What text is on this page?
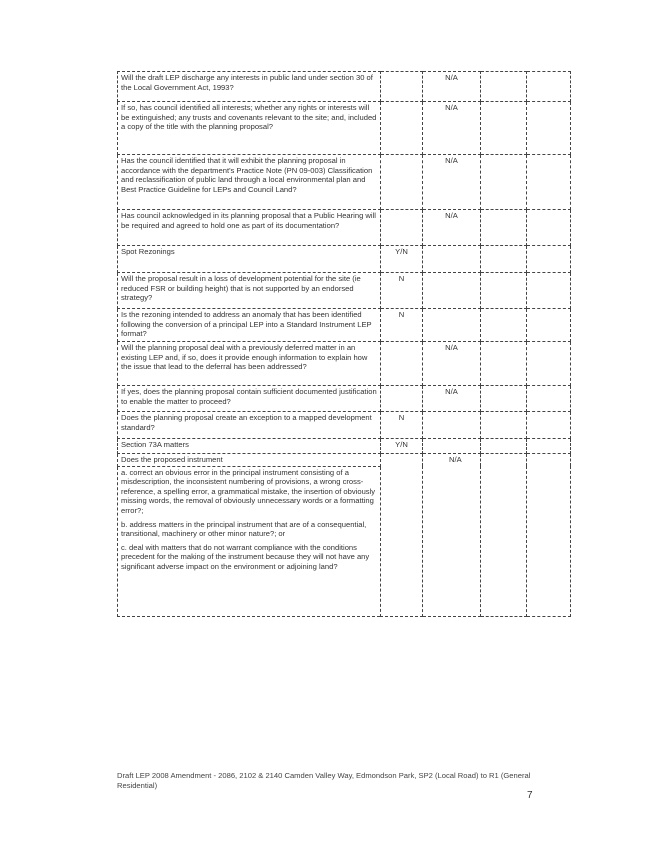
Will the draft LEP discharge any interests in public land under section 30 of the Local Government Act, 1993?		N/A		
If so, has council identified all interests; whether any rights or interests will be extinguished; any trusts and covenants relevant to the site; and, included a copy of the title with the planning proposal?		N/A		
Has the council identified that it will exhibit the planning proposal in accordance with the department's Practice Note (PN 09-003) Classification and reclassification of public land through a local environmental plan and Best Practice Guideline for LEPs and Council Land?		N/A		
Has council acknowledged in its planning proposal that a Public Hearing will be required and agreed to hold one as part of its documentation?		N/A		
Spot Rezonings	Y/N			
Will the proposal result in a loss of development potential for the site (ie reduced FSR or building height) that is not supported by an endorsed strategy?	N			
Is the rezoning intended to address an anomaly that has been identified following the conversion of a principal LEP into a Standard Instrument LEP format?	N			
Will the planning proposal deal with a previously deferred matter in an existing LEP and, if so, does it provide enough information to explain how the issue that lead to the deferral has been addressed?		N/A		
If yes, does the planning proposal contain sufficient documented justification to enable the matter to proceed?		N/A		
Does the planning proposal create an exception to a mapped development standard?	N			
Section 73A matters	Y/N			
Does the proposed instrument		N/A		

a. correct an obvious error in the principal instrument consisting of a misdescription, the inconsistent numbering of provisions, a wrong cross-reference, a spelling error, a grammatical mistake, the insertion of obviously missing words, the removal of obviously unnecessary words or a formatting error?;
b. address matters in the principal instrument that are of a consequential, transitional, machinery or other minor nature?; or
c. deal with matters that do not warrant compliance with the conditions precedent for the making of the instrument because they will not have any significant adverse impact on the environment or adjoining land?				
Draft LEP 2008 Amendment - 2086, 2102 & 2140 Camden Valley Way, Edmondson Park, SP2 (Local Road) to R1 (General Residential)
7
